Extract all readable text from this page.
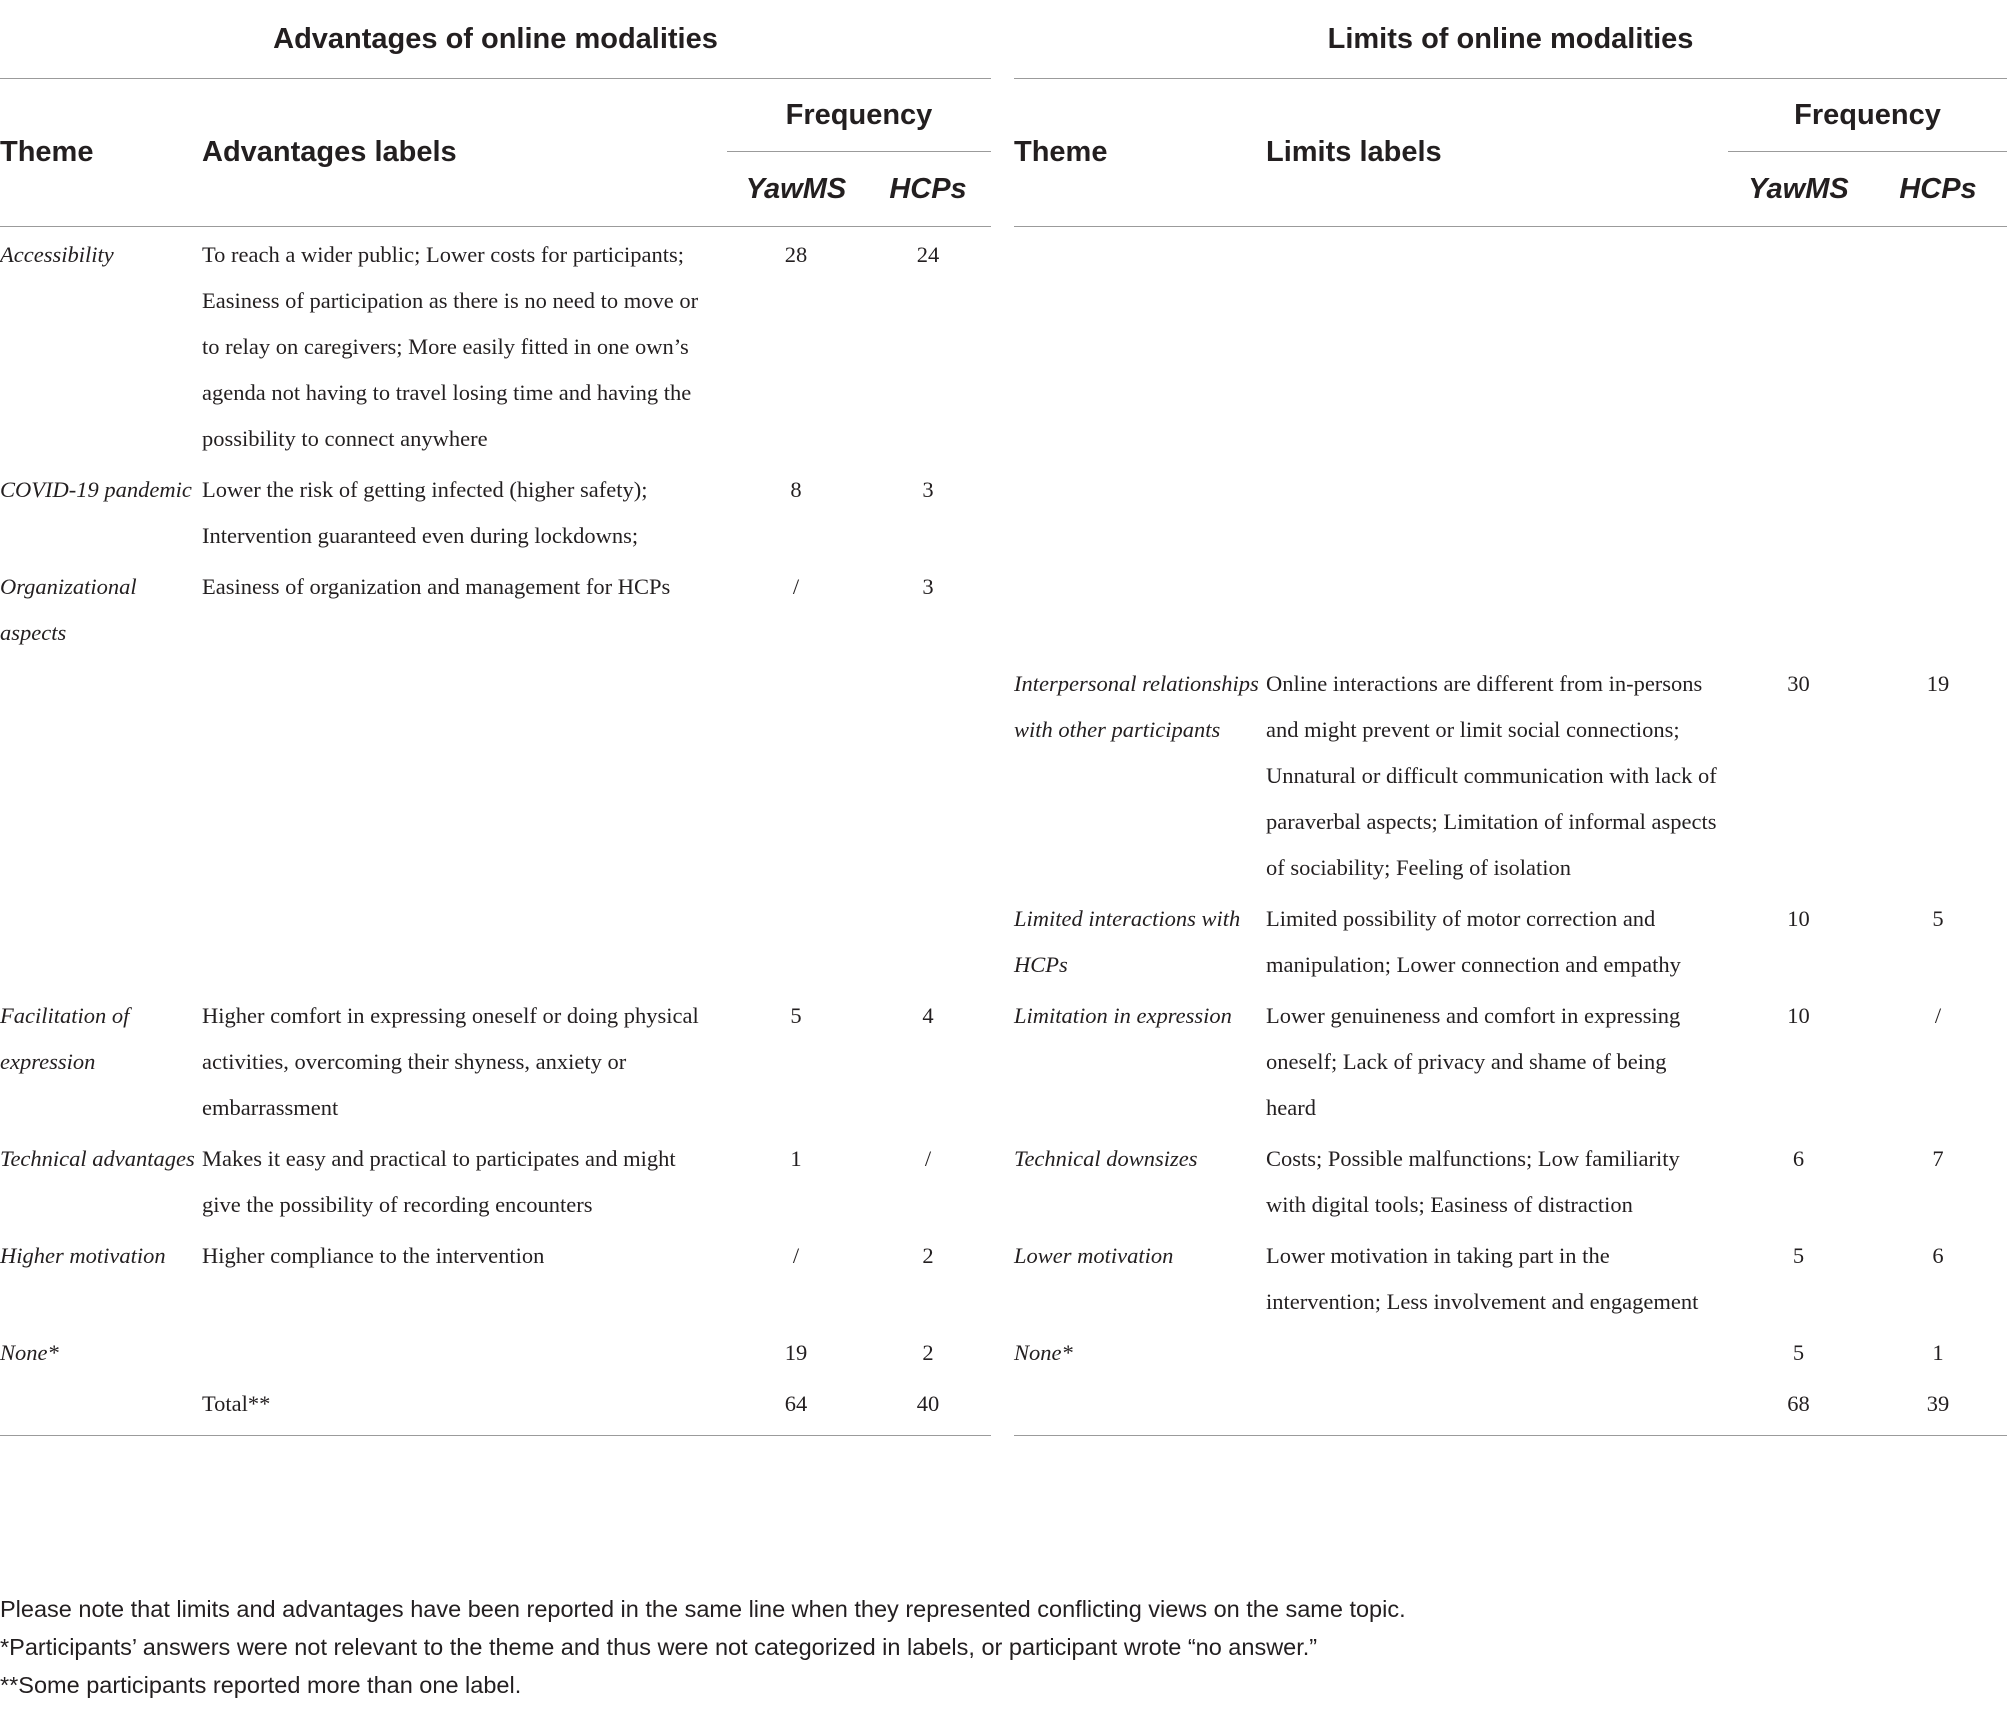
Advantages of online modalities					Limits of online modalities			
Theme	Advantages labels	Frequency			Theme	Limits labels	Frequency	
		YawMS	HCPs				YawMS	HCPs
Accessibility	To reach a wider public; Lower costs for participants; Easiness of participation as there is no need to move or to relay on caregivers; More easily fitted in one own’s agenda not having to travel losing time and having the possibility to connect anywhere	28	24					
COVID-19 pandemic	Lower the risk of getting infected (higher safety); Intervention guaranteed even during lockdowns;	8	3					
Organizational aspects	Easiness of organization and management for HCPs	/	3					
					Interpersonal relationships with other participants	Online interactions are different from in-persons and might prevent or limit social connections; Unnatural or difficult communication with lack of paraverbal aspects; Limitation of informal aspects of sociability; Feeling of isolation	30	19
					Limited interactions with HCPs	Limited possibility of motor correction and manipulation; Lower connection and empathy	10	5
Facilitation of expression	Higher comfort in expressing oneself or doing physical activities, overcoming their shyness, anxiety or embarrassment	5	4		Limitation in expression	Lower genuineness and comfort in expressing oneself; Lack of privacy and shame of being heard	10	/
Technical advantages	Makes it easy and practical to participates and might give the possibility of recording encounters	1	/		Technical downsizes	Costs; Possible malfunctions; Low familiarity with digital tools; Easiness of distraction	6	7
Higher motivation	Higher compliance to the intervention	/	2		Lower motivation	Lower motivation in taking part in the intervention; Less involvement and engagement	5	6
None*		19	2		None*		5	1
	Total**	64	40				68	39
Please note that limits and advantages have been reported in the same line when they represented conflicting views on the same topic.
*Participants’ answers were not relevant to the theme and thus were not categorized in labels, or participant wrote “no answer.”
**Some participants reported more than one label.
